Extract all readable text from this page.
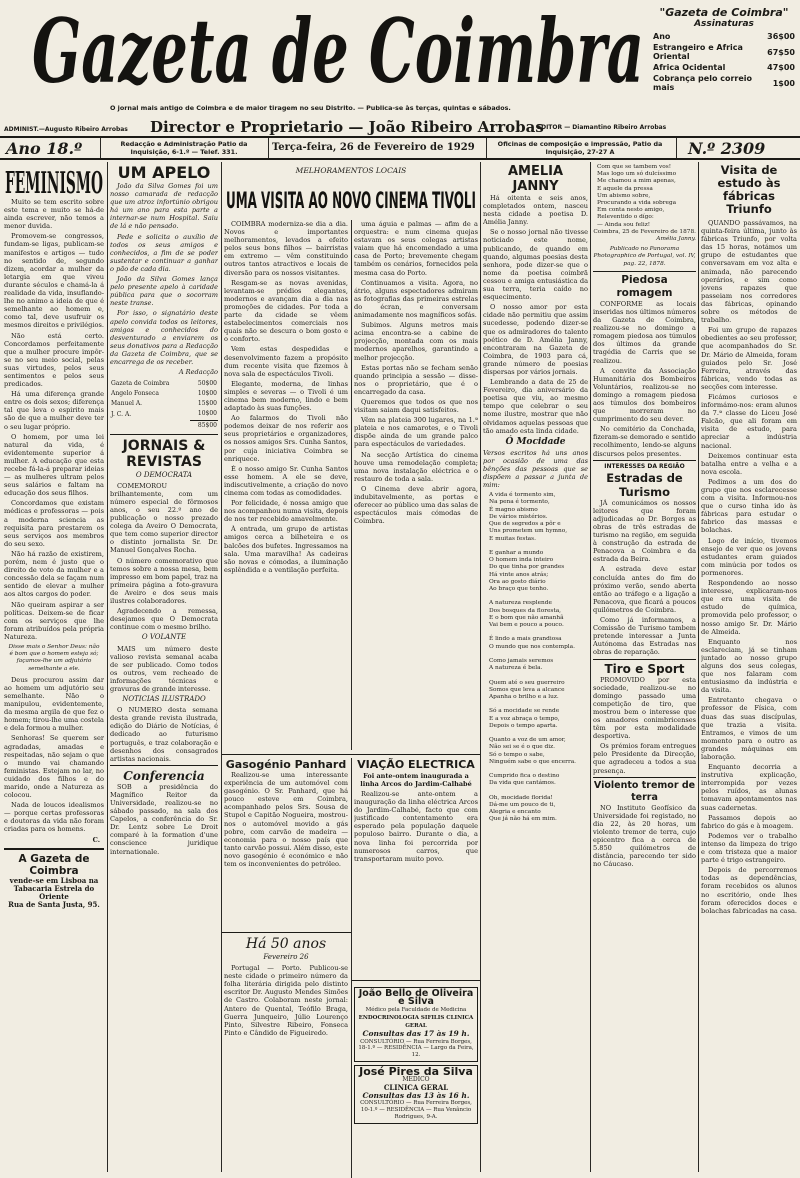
Gazeta de Coimbra
O jornal mais antigo de Coimbra e de maior tiragem no seu Distrito. — Publica-se às terças, quintas e sábados.
ADMINIST.—Augusto Ribeiro Arrobas Director e Proprietario — João Ribeiro Arrobas
EDITOR — Diamantino Ribeiro Arrobas
"Gazeta de Coimbra"
Assinaturas
Ano	36$00
Estrangeiro e Africa Oriental	67$50
Africa Ocidental	47$00
Cobrança pelo correio mais	1$00
Ano 18.º	Redacção e Administração Patio da Inquisição, 6-1.º — Telef. 331.	Terça-feira, 26 de Fevereiro de 1929	Oficinas de composição e impressão, Patio da Inquisição, 27-27 A	N.º 2309
FEMINISMO

Muito se tem escrito sobre este tema e muito se há-de ainda escrever, não temos a menor duvida.

Promovem-se congressos, fundam-se ligas, publicam-se manifestos e artigos — tudo no sentido de, segundo dizem, acordar a mulher da letargia em que viveu durante séculos e chamá-la á realidade da vida, insuflando-lhe no animo a ideia de que é semelhante ao homem e, como tal, deve usufruir os mesmos direitos e privilégios.

Não está certo. Concordamos perfeitamente que a mulher procure impôr-se no seu meio social, pelas suas virtudes, pelos seus sentimentos e pelos seus predicados.

Há uma diferença grande entre os dois sexos; diferença tal que leva o espirito mais são de que a mulher deve ter o seu lugar próprio.

O homem, por uma lei natural da vida, é evidentemente superior á mulher. A educação que esta recebe fá-la-á preparar ideias — as mulheres ultram pelos seus salários e faltam na educação dos seus filhos.

Concordamos que existam médicas e professoras — pois a moderna sciencia as requisita para prestarem os seus serviços aos membros do seu sexo.

Não há razão de existirem, porém, nem é justo que o direito de voto da mulher e a concessão dela se façam num sentido de elevar a mulher aos altos cargos do poder.

Não queiram aspirar a ser políticas. Deixem-se de ficar com os serviços que lhe foram atribuídos pela própria Natureza.

Disse mais o Senhor Deus: não é bom que o homem esteja só; façamos-lhe um adjutório semelhante a ele.

Deus procurou assim dar ao homem um adjutório seu semelhante. Não o manipulou, evidentemente, da mesma argila de que fez o homem; tirou-lhe uma costela e dela formou a mulher.

Senhoras! Se querem ser agradadas, amadas e respeitadas, não sejam o que o mundo vai chamando feministas. Estejam no lar, no cuidado dos filhos e do marido, onde a Natureza as colocou.

Nada de loucos idealismos — porque certas professoras e doutoras da vida não foram criadas para os homens.

C.
A Gazeta de Coimbra
vende-se em Lisboa na
Tabacaria Estrela do Oriente
Rua de Santa Justa, 95.
UM APELO

João da Silva Gomes foi um nosso camarada de redacção que um atroz infortúnio obrigou há um ano para esta parte a internar-se num Hospital. Saiu de lá e não pensado.

Pede e solicita o auxílio de todos os seus amigos e conhecidos, a fim de se poder sustentar e continuar a ganhar o pão de cada dia.

João da Silva Gomes lança pelo presente apelo à caridade pública para que o socorram neste transe.

Por isso, o signatário deste apelo convida todos os leitores, amigos e conhecidos do desventurado a enviarem os seus donativos para a Redacção da Gazeta de Coimbra, que se encarrega de os receber.

A Redacção
Gazeta de Coimbra	50$00
Angelo Fonseca	10$00
Manuel A.	15$00
J. C. A.	10$00
	85$00
JORNAIS & REVISTAS
O DEMOCRATA

COMEMOROU brilhantemente, com um número especial de fôrmosos anos, o seu 22.º ano de publicação o nosso prezado colega da Aveiro O Democrata, que tem como superior director o distinto jornalista Sr. Dr. Manuel Gonçalves Rocha.

O número comemorativo que temos sobre a nossa mesa, bem impresso em bom papel, traz na primeira página a foto-gravura de Aveiro e dos seus mais ilustres colaboradores.

Agradecendo a remessa, desejamos que O Democrata continue com o mesmo brilho.

O VOLANTE

MAIS um número deste valioso revista semanal acaba de ser publicado. Como todos os outros, vem recheado de informações técnicas e gravuras de grande interesse.

NOTICIAS ILUSTRADO

O NUMERO desta semana desta grande revista ilustrada, edição do Diário de Notícias, é dedicado ao futurismo português, e traz colaboração e desenhos dos consagrados artistas nacionais.

Conferencia

SOB a presidência do Magnífico Reitor da Universidade, realizou-se no sábado passado, na sala dos Capelos, a conferência do Sr. Dr. Lentz sobre Le Droit comparé à la formation d'une conscience juridique internationale.

MELHORAMENTOS LOCAIS
UMA VISITA AO NOVO CINEMA TIVOLI

COIMBRA moderniza-se dia a dia. Novos e importantes melhoramentos, levados a efeito pelos seus bons filhos — bairristas em extremo — vêm constituindo outros tantos atractivos e locais de diversão para os nossos visitantes.

Resgam-se as novas avenidas, levantam-se prédios elegantes, modernos e avançam dia a dia nas promoções de cidades. Por toda a parte da cidade se vêem estabelecimentos comerciais nos quais não se descura o bom gosto e o conforto.

Vem estas despedidas e desenvolvimento fazem a propósito dum recente visita que fizemos à nova sala de espectáculos Tivoli.

Elegante, moderna, de linhas simples e severas — o Tivoli é um cinema bem moderno, lindo e bem adaptado às suas funções.

Ao falarmos do Tivoli não podemos deixar de nos referir aos seus proprietários e organizadores, os nossos amigos Srs. Cunha Santos, por cuja iniciativa Coimbra se enriquece.

É o nosso amigo Sr. Cunha Santos esse homem. A ele se deve, indiscutivelmente, a criação do novo cinema com todas as comodidades.

Por felicidade, é nossa amigo que nos acompanhou numa visita, depois de nos ter recebido amavelmente.

À entrada, um grupo de artistas amigos cerca a bilheteira e os balcões dos bufetes. Ingressamos na sala. Uma maravilha! As cadeiras são novas e cómodas, a iluminação esplêndida e a ventilação perfeita.

uma águia e palmas — afim de a orquestra: e num cinema quejas estavam os seus colegas artistas vaiam que há encomendado a uma casa de Porto; brevemente chegam também os cenários, fornecidos pela mesma casa do Porto.

Continuamos a visita. Agora, no átrio, alguns espectadores admiram as fotografias das primeiras estrelas do écran, e conversam animadamente nos magníficos sofás.

Subimos. Alguns metros mais acima encontra-se a cabine de projecção, montada com os mais modernos aparelhos, garantindo a melhor projecção.

Estas portas não se fecham senão quando principia a sessão — disse-nos o proprietário, que é o encarregado da casa.

Queremos que todos os que nos visitam saiam daqui satisfeitos.

Vêm na plateia 300 lugares, na 1.ª plateia e nos camarotes, e o Tivoli dispõe ainda de um grande palco para espectáculos de variedades.

Na secção Artística do cinema houve uma remodelação completa; uma nova instalação eléctrica e o restauro de toda a sala.

O Cinema deve abrir agora, indubitavelmente, as portas e oferecer ao público uma das salas de espectáculos mais cómodas de Coimbra.

Gasogénio Panhard

Realizou-se uma interessante experiência de um automóvel com gasogénio. O Sr. Panhard, que há pouco esteve em Coimbra, acompanhado pelos Srs. Sousa de Stupol e Capitão Nogueira, mostrou-nos o automóvel movido a gás pobre, com carvão de madeira — economia para o nosso país que tanto carvão possui. Além disso, este novo gasogénio é económico e não tem os inconvenientes do petróleo.

VIAÇÃO ELECTRICA
Foi ante-ontem inaugurada a linha Arcos do Jardim-Calhabé

Realizou-se ante-ontem a inauguração da linha eléctrica Arcos do Jardim-Calhabé, facto que com justificado contentamento era esperado pela população daquele populoso bairro. Durante o dia, a nova linha foi percorrida por numerosos carros, que transportaram muito povo.

Há 50 anos
Fevereiro 26

Portugal — Porto. Publicou-se neste cidade o primeiro número da folha literária dirigida pelo distinto escritor Dr. Augusto Mendes Simões de Castro. Colaboram neste jornal: Antero de Quental, Teófilo Braga, Guerra Junqueiro, Júlio Lourenço Pinto, Silvestre Ribeiro, Fonseca Pinto e Cândido de Figueiredo.

João Bello de Oliveira e Silva
Médico pela Faculdade de Medicina
ENDOCRINOLOGIA SIFILIS CLINICA GERAL
Consultas das 17 às 19 h.
CONSULTÓRIO — Rua Ferreira Borges, 18-1.º — RESIDÊNCIA — Largo da Feira, 12.
José Pires da Silva
MEDICO
CLINICA GERAL
Consultas das 13 às 16 h.
CONSULTÓRIO — Rua Ferreira Borges, 10-1.º — RESIDÊNCIA — Rua Venâncio Rodrigues, 9-A.
AMELIA JANNY

Há oitenta e seis anos, completados ontem, nasceu nesta cidade a poetisa D. Amélia Janny.

Se o nosso jornal não tivesse noticiado este nome, publicando, de quando em quando, algumas poesias desta senhora, pode dizer-se que o nome da poetisa coimbrã cessou e amiga entusiástica da sua terra, teria caído no esquecimento.

O nosso amor por esta cidade não permitiu que assim sucedesse, podendo dizer-se que os admiradores do talento poético de D. Amélia Janny, encontraram na Gazeta de Coimbra, de 1903 para cá, grande número de poesias dispersas por vários jornais.

Lembrando a data de 25 de Fevereiro, dia aniversário da poetisa que viu, ao mesmo tempo que celebrar o seu nome ilustre, mostrar que não olvidamos aquelas pessoas que tão amado esta linda cidade.

Ó Mocidade
Versos escritos há uns anos por ocasião de uma das bênções das pessoas que se dispõem a passar a junta de mim:
A vida é tormento sim,
Na pena é tormento,
É magno abismo
De vários mistérios.
Que de segredos a pôr e
Uns prometem um hymno,
E muitas festas.

E ganhar a mundo
O homem inda inteiro
Do que tinha por grandes
Há vinte anos atrás;
Ora ao gosto diário
Ao braço que tenho.

A natureza resplende
Dos bosques da floresta,
E o bom que não amanhã
Vai bem e pouco a pouco.

É lindo a mais grandiosa
O mundo que nos contempla.

Como jamais seremos
A natureza é bela.

Quem até o seu guerreiro
Somos que leva a alcance
Apanha o brilho e a luz.

Só a mocidade se rende
E a voz abraça o tempo,
Depois o tempo aparta.

Quanto a voz de um amor,
Não sei se é o que diz.
Só o tempo o sabe,
Ninguém sabe o que encerra.

Cumprido fica o destino
Da vida que cantámos.

Oh, mocidade florida!
Dá-me um pouco de ti,
Alegria e encanto
Que já não há em mim.
Com que se tambem vos!
Mas logo um só dulcíssimo
Me chamou a mim apenas,
E aquele da pressa
Um abismo sobre,
Procurando a vida sobrega
Em conta nesto amigo,
Releventido o dígo:
— Ainda sou feliz!
Coimbra, 25 de Fevereiro de 1878.
Amélia Janny.
Publicado no Panorama Photographico de Portugal, vol. IV, pag. 22, 1878.
Piedosa romagem

CONFORME as locais inseridas nos últimos números da Gazeta de Coimbra, realizou-se no domingo a romagem piedosa aos túmulos dos últimos da grande tragédia de Carris que se realizou.

A convite da Associação Humanitária dos Bombeiros Voluntários, realizou-se no domingo a romagem piedosa aos túmulos dos bombeiros que morreram no cumprimento do seu dever.

No cemitério da Conchada, fizeram-se demorado e sentido recolhimento, lendo-se alguns discursos pelos presentes.

INTERESSES DA REGIÃO
Estradas de Turismo

JÁ comunicámos os nossos leitores que foram adjudicadas ao Dr. Borges as obras de três estradas de turismo na região, em seguida à construção da estrada de Penacova a Coimbra e da estrada da Beira.

A estrada deve estar concluída antes do fim do próximo verão, sendo aberta então ao tráfego e a ligação a Penacova, que ficará a poucos quilómetros de Coimbra.

Como já informamos, a Comissão de Turismo tambem pretende interessar a Junta Autónoma das Estradas nas obras de reparação.

Tiro e Sport

PROMOVIDO por esta sociedade, realizou-se no domingo passado uma competição de tiro, que mostrou bem o interesse que os amadores conimbricenses têm por esta modalidade desportiva.

Os prémios foram entregues pelo Presidente da Direcção, que agradeceu a todos a sua presença.

Violento tremor de terra

NO Instituto Geofísico da Universidade foi registado, no dia 22, às 20 horas, um violento tremor de terra, cujo epicentro fica a cerca de 5.850 quilómetros de distância, parecendo ter sido no Cáucaso.

Visita de estudo às fábricas Triunfo

QUANDO passávamos, na quinta-feira última, junto às fábricas Triunfo, por volta das 15 horas, notámos um grupo de estudantes que conversavam em voz alta e animada, não parecendo operários, e sim como jovens rapazes que passeiam nos corredores das fábricas, opinando sobre os métodos de trabalho.

Foi um grupo de rapazes obedientes ao seu professor, que acompanhados do Sr. Dr. Mário de Almeida, foram guiados pelo Sr. José Ferreira, através das fábricas, vendo todas as secções com interesse.

Ficámos curiosos e informámo-nos: eram alunos da 7.ª classe do Liceu José Falcão, que ali foram em visita de estudo, para apreciar a indústria nacional.

Deixemos continuar esta batalha entre a velha e a nova escola.

Pedimos a um dos do grupo que nos esclarecesse com a visita. Informou-nos que o curso tinha ido às fábricas para estudar o fabrico das massas e bolachas.

Logo de início, tivemos ensejo de ver que os jovens estudantes eram guiados com minúcia por todos os pormenores.

Respondendo ao nosso interesse, explicaram-nos que era uma visita de estudo de química, promovida pelo professor, o nosso amigo Sr. Dr. Mário de Almeida.

Enquanto nos esclareciam, já se tinham juntado ao nosso grupo alguns dos seus colegas, que nos falaram com entusiasmo da indústria e da visita.

Entretanto chegava o professor de Física, com duas das suas discípulas, que trazia a visita. Entramos, e vimos de um momento para o outro as grandes máquinas em laboração.

Enquanto decorria a instrutiva explicação, interrompida por vezes pelos ruídos, as alunas tomavam apontamentos nas suas cadernetas.

Passamos depois ao fabrico do gás e à moagem.

Podemos ver o trabalho intenso da limpeza do trigo e com tristeza que a maior parte é trigo estrangeiro.

Depois de percorremos todas as dependências, foram recebidos os alunos no escritório, onde lhes foram oferecidos doces e bolachas fabricadas na casa.
